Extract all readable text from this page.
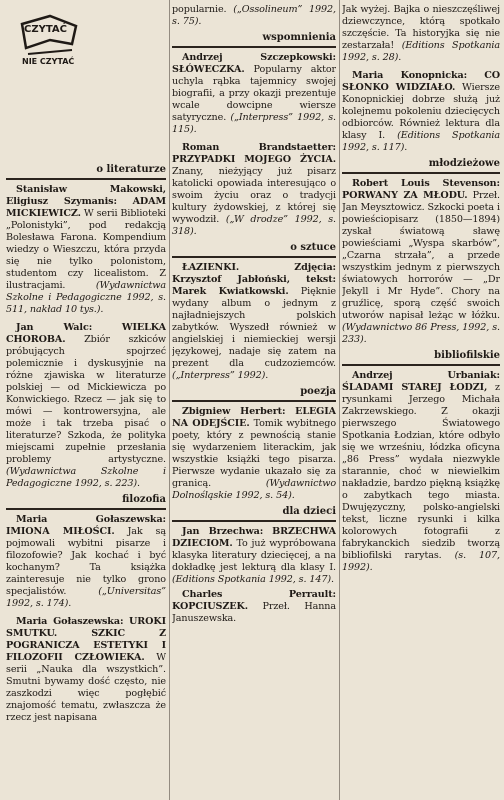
CZYTAĆ
NIE CZYTAĆ
o literaturze

Stanisław Makowski, Eligiusz Szymanis: ADAM MICKIEWICZ. W serii Biblioteki „Polonistyki”, pod redakcją Bolesława Farona. Kompendium wiedzy o Wieszczu, która przyda się nie tylko polonistom, studentom czy licealistom. Z ilustracjami.	(Wydawnictwa Szkolne i Pedagogiczne 1992, s. 511, nakład 10 tys.).

Jan Walc:	WIELKA CHOROBA. Zbiór szkiców próbujących spojrzeć polemicznie i dyskusyjnie na różne zjawiska w literaturze polskiej — od Mickiewicza po Konwickiego. Rzecz — jak się to mówi — kontrowersyjna, ale może i tak trzeba pisać o literaturze? Szkoda, że polityka miejscami zupełnie przesłania problemy artystyczne. (Wydawnictwa Szkolne i Pedagogiczne 1992, s. 223).

filozofia

Maria Gołaszewska: IMIONA MIŁOŚCI. Jak są pojmowali wybitni pisarze i filozofowie? Jak kochać i być kochanym? Ta książka zainteresuje nie tylko grono specjalistów.	(„Universitas” 1992, s. 174).

Maria Gołaszewska: UROKI SMUTKU. SZKIC Z POGRANICZA ESTETYKI I FILOZOFII CZŁOWIEKA. W serii „Nauka dla wszystkich”. Smutni bywamy dość często, nie zaszkodzi więc pogłębić znajomość tematu, zwłaszcza że rzecz jest napisana

popularnie. („Ossolineum” 1992, s. 75).

wspomnienia

Andrzej Szczepkowski: SŁÓWECZKA. Popularny aktor uchyla rąbka tajemnicy swojej biografii, a przy okazji prezentuje wcale dowcipne wiersze satyryczne. („Interpress” 1992, s. 115).

Roman Brandstaetter: PRZYPADKI MOJEGO ŻYCIA. Znany, nieżyjący już pisarz katolicki opowiada interesująco o swoim życiu oraz o tradycji kultury żydowskiej, z której się wywodził. („W drodze” 1992, s. 318).

o sztuce

ŁAZIENKI.	Zdjęcia: Krzysztof Jabłoński, tekst: Marek Kwiatkowski. Pięknie wydany album o jednym z najładniejszych polskich zabytków. Wyszedł również w angielskiej i niemieckiej wersji językowej, nadaje się zatem na prezent dla cudzoziemców. („Interpress” 1992).

poezja

Zbigniew Herbert: ELEGIA NA ODEJŚCIE. Tomik wybitnego poety, który z pewnością stanie się wydarzeniem literackim, jak wszystkie książki tego pisarza. Pierwsze wydanie ukazało się za granicą.	(Wydawnictwo Dolnośląskie 1992, s. 54).

dla dzieci

Jan Brzechwa: BRZECHWA DZIECIOM. To już wypróbowana klasyka literatury dziecięcej, a na dokładkę jest lekturą dla klasy I. (Editions Spotkania 1992, s. 147).

Charles Perrault: KOPCIUSZEK. Przeł. Hanna Januszewska.

Jak wyżej. Bajka o nieszczęśliwej dziewczynce, którą spotkało szczęście. Ta historyjka się nie zestarzała! (Editions Spotkania 1992, s. 28).

Maria Konopnicka: CO SŁONKO WIDZIAŁO. Wiersze Konopnickiej dobrze służą już kolejnemu pokoleniu dziecięcych odbiorców. Również lektura dla klasy I. (Editions Spotkania 1992, s. 117).

młodzieżowe

Robert Louis Stevenson: PORWANY ZA MŁODU. Przeł. Jan Meysztowicz. Szkocki poeta i powieściopisarz (1850—1894) zyskał światową sławę powieściami „Wyspa skarbów”, „Czarna strzała”, a przede wszystkim jednym z pierwszych światowych horrorów — „Dr Jekyll i Mr Hyde”. Chory na gruźlicę, sporą część swoich utworów napisał leżąc w łóżku. (Wydawnictwo 86 Press, 1992, s. 233).

bibliofilskie

Andrzej Urbaniak: ŚLADAMI STAREJ ŁODZI, z rysunkami Jerzego Michała Zakrzewskiego. Z okazji pierwszego Światowego Spotkania Łodzian, które odbyło się we wrześniu, łódzka oficyna „86 Press” wydała niezwykle starannie, choć w niewielkim nakładzie, bardzo piękną książkę o zabytkach tego miasta. Dwujęzyczny, polsko-angielski tekst, liczne rysunki i kilka kolorowych fotografii z fabrykanckich siedzib tworzą bibliofilski rarytas. (s. 107, 1992).
